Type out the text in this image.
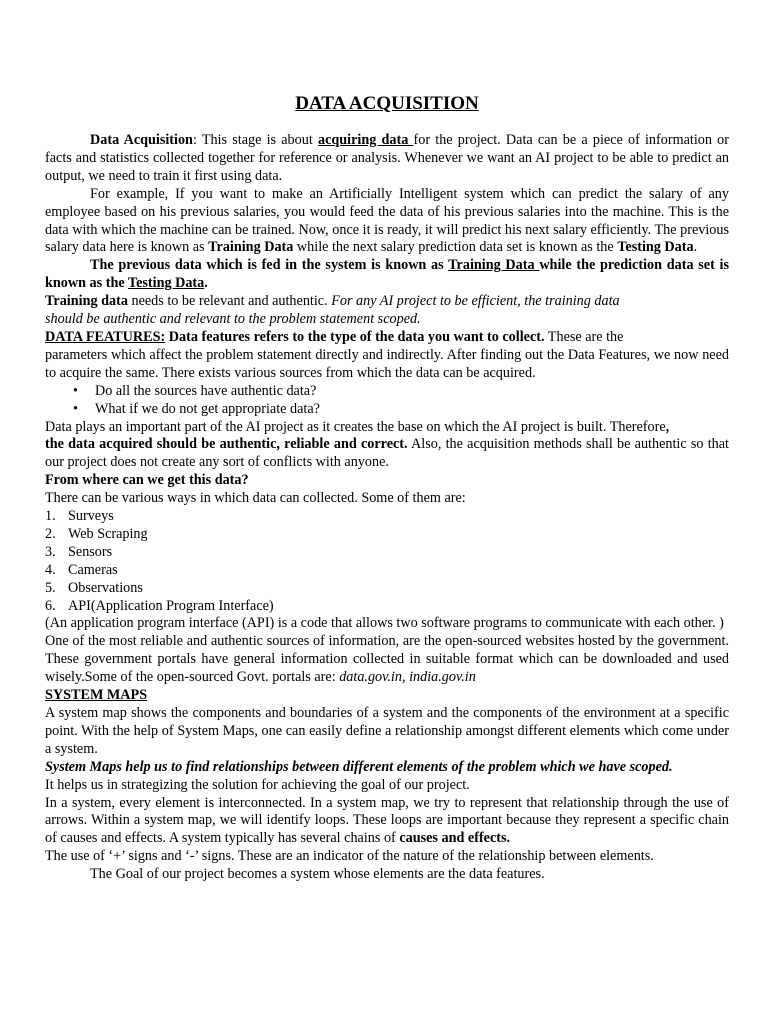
DATA ACQUISITION

Data Acquisition: This stage is about acquiring data for the project. Data can be a piece of information or facts and statistics collected together for reference or analysis. Whenever we want an AI project to be able to predict an output, we need to train it first using data.

For example, If you want to make an Artificially Intelligent system which can predict the salary of any employee based on his previous salaries, you would feed the data of his previous salaries into the machine. This is the data with which the machine can be trained. Now, once it is ready, it will predict his next salary efficiently. The previous salary data here is known as Training Data while the next salary prediction data set is known as the Testing Data.

The previous data which is fed in the system is known as Training Data while the prediction data set is known as the Testing Data.

Training data needs to be relevant and authentic. For any AI project to be efficient, the training data
should be authentic and relevant to the problem statement scoped.

DATA FEATURES: Data features refers to the type of the data you want to collect. These are the

parameters which affect the problem statement directly and indirectly. After finding out the Data Features, we now need to acquire the same. There exists various sources from which the data can be acquired.

• Do all the sources have authentic data?
• What if we do not get appropriate data?

Data plays an important part of the AI project as it creates the base on which the AI project is built. Therefore,
the data acquired should be authentic, reliable and correct. Also, the acquisition methods shall be authentic so that our project does not create any sort of conflicts with anyone.

From where can we get this data?

There can be various ways in which data can collected. Some of them are:

1. Surveys
2. Web Scraping
3. Sensors
4. Cameras
5. Observations
6. API(Application Program Interface)

(An application program interface (API) is a code that allows two software programs to communicate with each other. )

One of the most reliable and authentic sources of information, are the open-sourced websites hosted by the government. These government portals have general information collected in suitable format which can be downloaded and used wisely.Some of the open-sourced Govt. portals are: data.gov.in, india.gov.in

SYSTEM MAPS

A system map shows the components and boundaries of a system and the components of the environment at a specific point. With the help of System Maps, one can easily define a relationship amongst different elements which come under a system.

System Maps help us to find relationships between different elements of the problem which we have scoped.

It helps us in strategizing the solution for achieving the goal of our project.

In a system, every element is interconnected. In a system map, we try to represent that relationship through the use of arrows. Within a system map, we will identify loops. These loops are important because they represent a specific chain of causes and effects. A system typically has several chains of causes and effects.

The use of ‘+’ signs and ‘-’ signs. These are an indicator of the nature of the relationship between elements.

The Goal of our project becomes a system whose elements are the data features.
